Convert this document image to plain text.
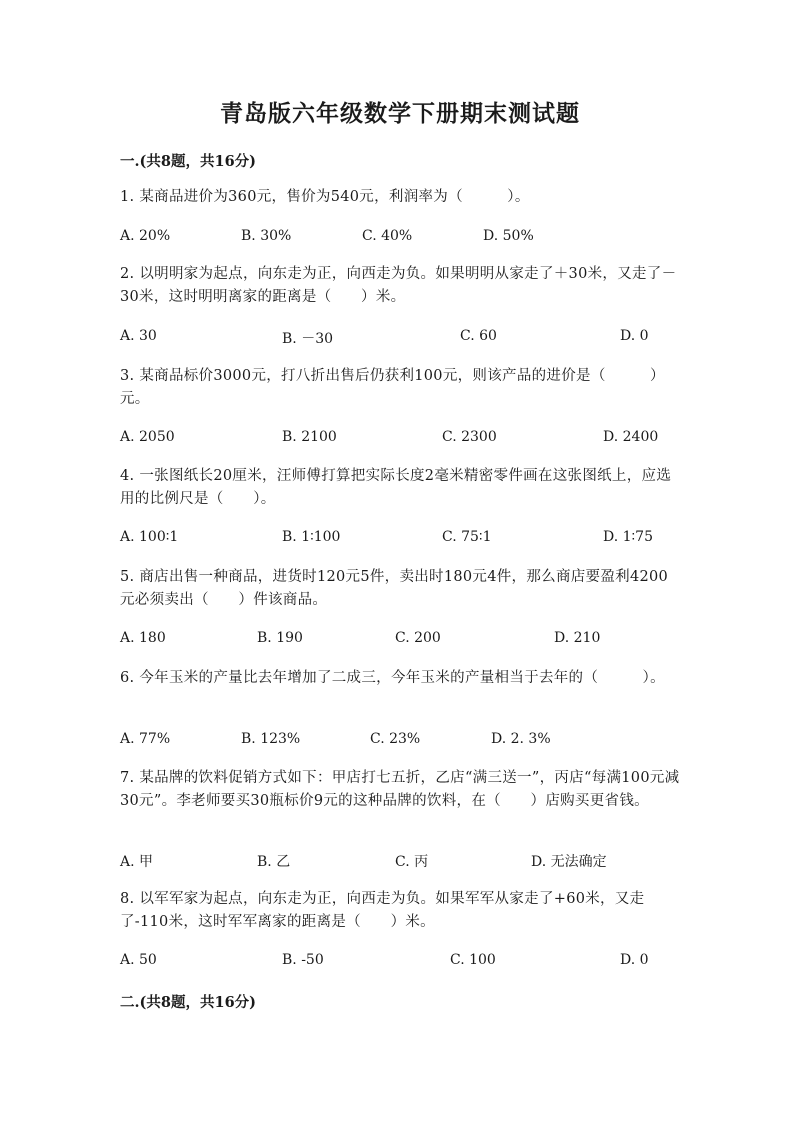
青岛版六年级数学下册期末测试题
一.(共8题，共16分)
1. 某商品进价为360元，售价为540元，利润率为（　　　）。
A. 20%	B. 30%	C. 40%	D. 50%
2. 以明明家为起点，向东走为正，向西走为负。如果明明从家走了＋30米，又走了－30米，这时明明离家的距离是（　　）米。
A. 30	B. －30	C. 60	D. 0
3. 某商品标价3000元，打八折出售后仍获利100元，则该产品的进价是（　　　）元。
A. 2050	B. 2100	C. 2300	D. 2400
4. 一张图纸长20厘米，汪师傅打算把实际长度2毫米精密零件画在这张图纸上，应选用的比例尺是（　　）。
A. 100∶1	B. 1∶100	C. 75∶1	D. 1∶75
5. 商店出售一种商品，进货时120元5件，卖出时180元4件，那么商店要盈利4200元必须卖出（　　）件该商品。
A. 180	B. 190	C. 200	D. 210
6. 今年玉米的产量比去年增加了二成三，今年玉米的产量相当于去年的（　　　）。
A. 77%	B. 123%	C. 23%	D. 2. 3%
7. 某品牌的饮料促销方式如下：甲店打七五折，乙店“满三送一”，丙店“每满100元减30元”。李老师要买30瓶标价9元的这种品牌的饮料，在（　　）店购买更省钱。
A. 甲	B. 乙	C. 丙	D. 无法确定
8. 以军军家为起点，向东走为正，向西走为负。如果军军从家走了+60米，又走了-110米，这时军军离家的距离是（　　）米。
A. 50	B. -50	C. 100	D. 0
二.(共8题，共16分)
